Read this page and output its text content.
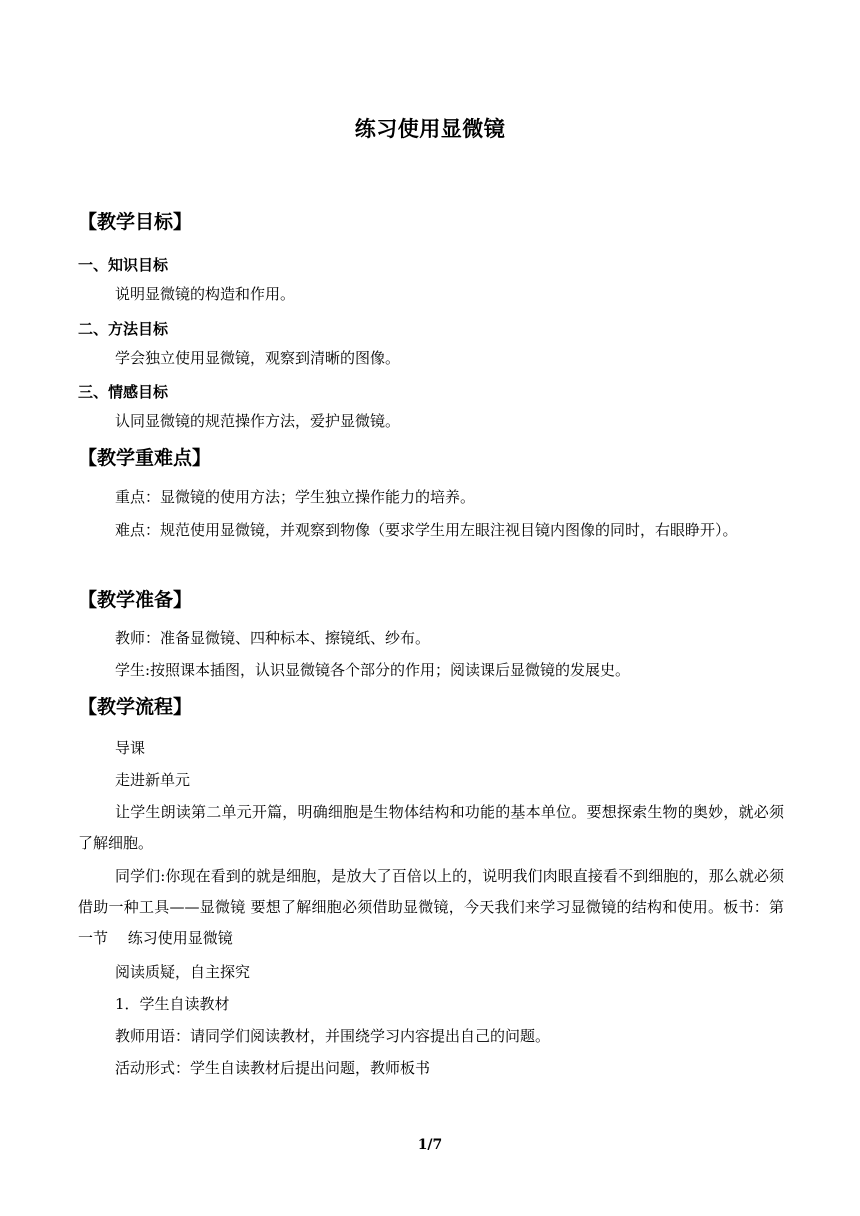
练习使用显微镜
【教学目标】
一、知识目标

说明显微镜的构造和作用。

二、方法目标

学会独立使用显微镜，观察到清晰的图像。

三、情感目标

认同显微镜的规范操作方法，爱护显微镜。

【教学重难点】

重点：显微镜的使用方法；学生独立操作能力的培养。

难点：规范使用显微镜，并观察到物像（要求学生用左眼注视目镜内图像的同时，右眼睁开）。

【教学准备】

教师：准备显微镜、四种标本、擦镜纸、纱布。

学生:按照课本插图，认识显微镜各个部分的作用；阅读课后显微镜的发展史。

【教学流程】

导课

走进新单元

让学生朗读第二单元开篇，明确细胞是生物体结构和功能的基本单位。要想探索生物的奥妙，就必须了解细胞。

同学们:你现在看到的就是细胞，是放大了百倍以上的，说明我们肉眼直接看不到细胞的，那么就必须借助一种工具——显微镜 要想了解细胞必须借助显微镜，今天我们来学习显微镜的结构和使用。板书：第一节　 练习使用显微镜

阅读质疑，自主探究

1．学生自读教材

教师用语：请同学们阅读教材，并围绕学习内容提出自己的问题。

活动形式：学生自读教材后提出问题，教师板书

1/7
